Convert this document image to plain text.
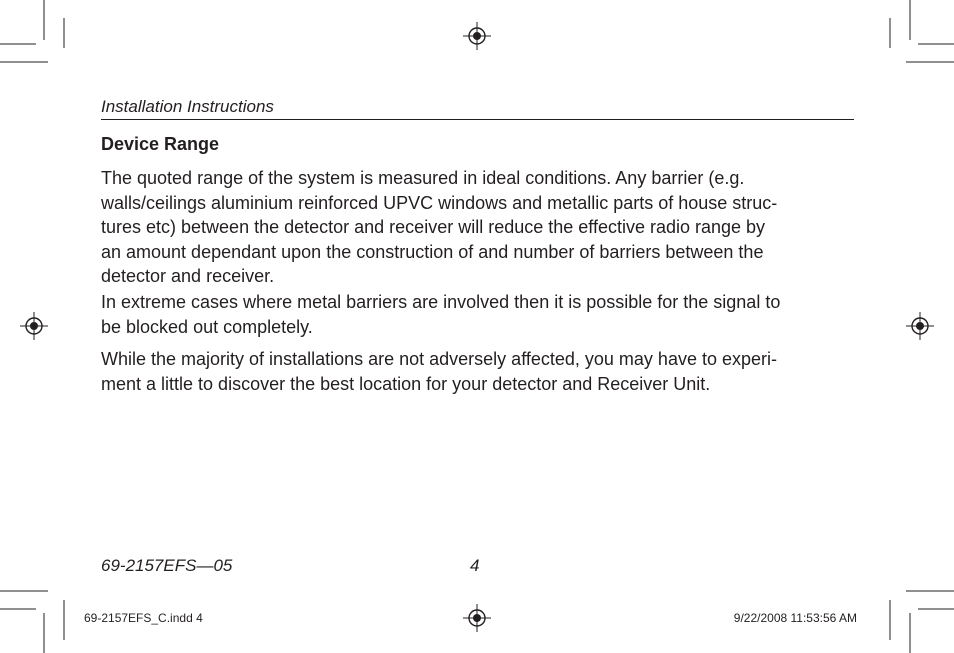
Installation Instructions
Device Range
The quoted range of the system is measured in ideal conditions. Any barrier (e.g.
walls/ceilings aluminium reinforced UPVC windows and metallic parts of house struc-
tures etc) between the detector and receiver will reduce the effective radio range by
an amount dependant upon the construction of and number of barriers between the
detector and receiver.
In extreme cases where metal barriers are involved then it is possible for the signal to
be blocked out completely.
While the majority of installations are not adversely affected, you may have to experi-
ment a little to discover the best location for your detector and Receiver Unit.
69-2157EFS—05	4
69-2157EFS_C.indd 4	9/22/2008 11:53:56 AM
